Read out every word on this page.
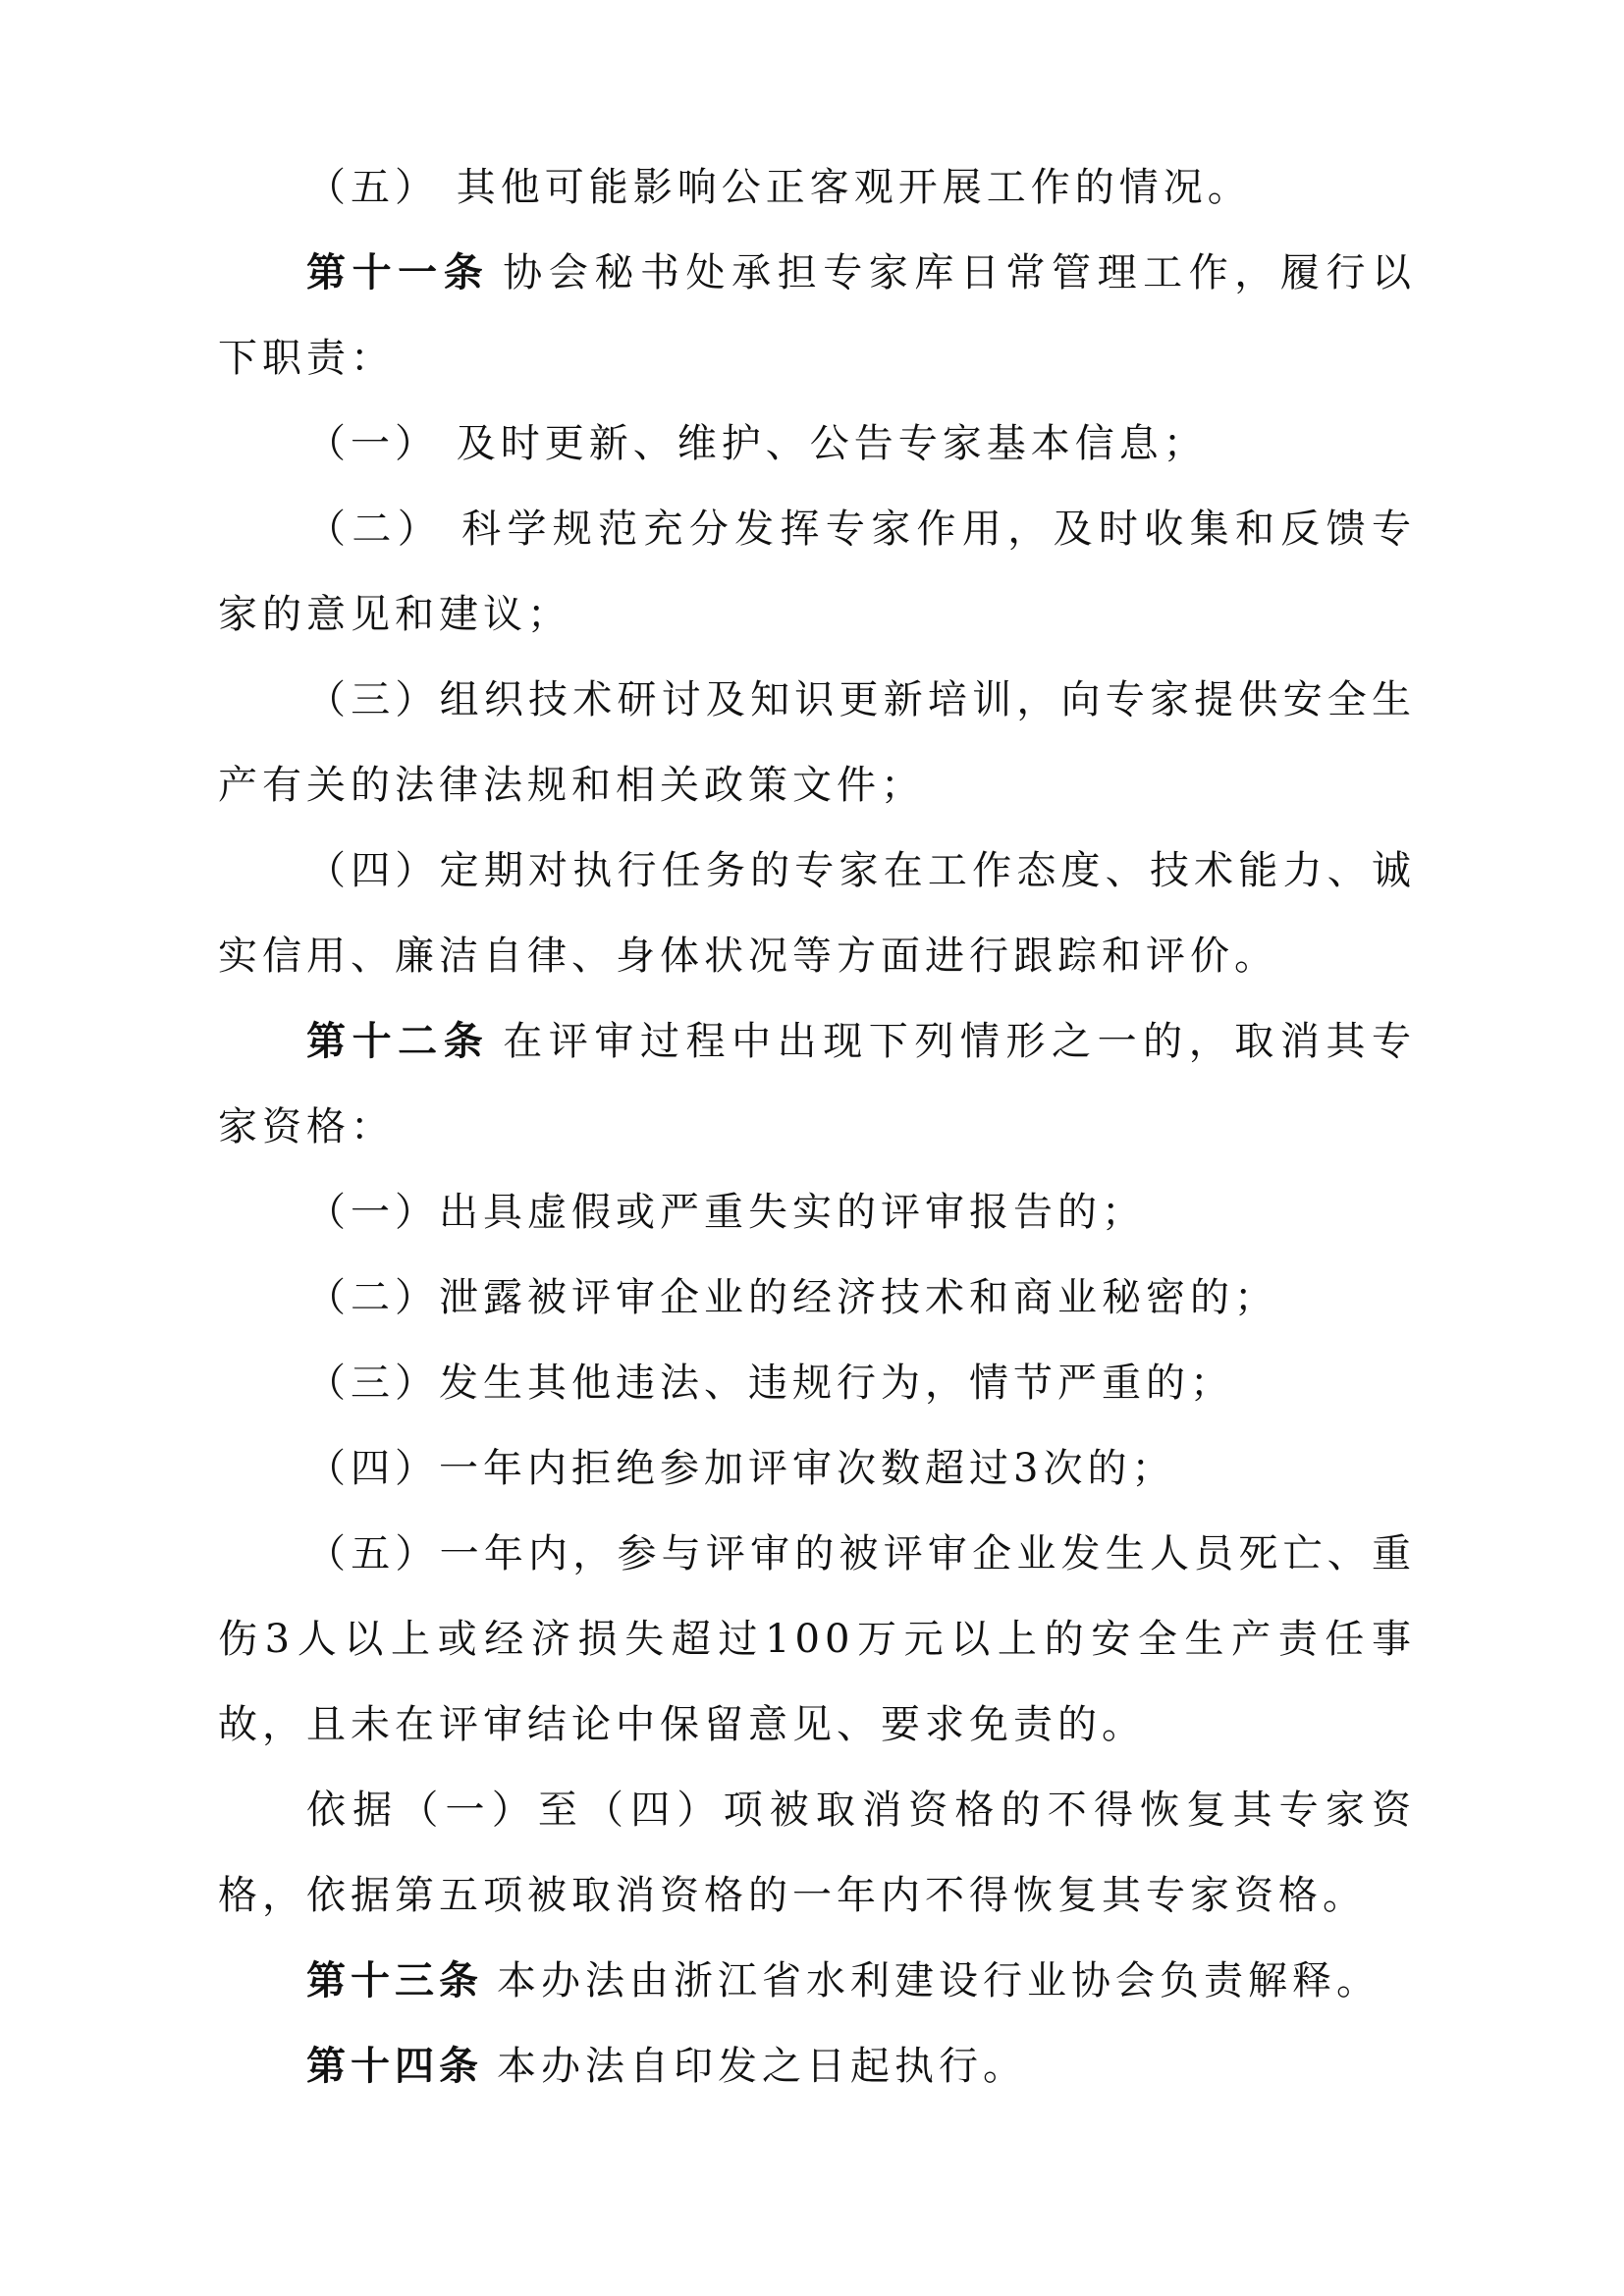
（五） 其他可能影响公正客观开展工作的情况。

第十一条 协会秘书处承担专家库日常管理工作，履行以下职责：

（一） 及时更新、维护、公告专家基本信息；

（二） 科学规范充分发挥专家作用，及时收集和反馈专家的意见和建议；

（三）组织技术研讨及知识更新培训，向专家提供安全生产有关的法律法规和相关政策文件；

（四）定期对执行任务的专家在工作态度、技术能力、诚实信用、廉洁自律、身体状况等方面进行跟踪和评价。

第十二条 在评审过程中出现下列情形之一的，取消其专家资格：

（一）出具虚假或严重失实的评审报告的；

（二）泄露被评审企业的经济技术和商业秘密的；

（三）发生其他违法、违规行为，情节严重的；

（四）一年内拒绝参加评审次数超过3次的；

（五）一年内，参与评审的被评审企业发生人员死亡、重伤3人以上或经济损失超过100万元以上的安全生产责任事故，且未在评审结论中保留意见、要求免责的。

依据（一）至（四）项被取消资格的不得恢复其专家资格，依据第五项被取消资格的一年内不得恢复其专家资格。

第十三条 本办法由浙江省水利建设行业协会负责解释。

第十四条 本办法自印发之日起执行。
